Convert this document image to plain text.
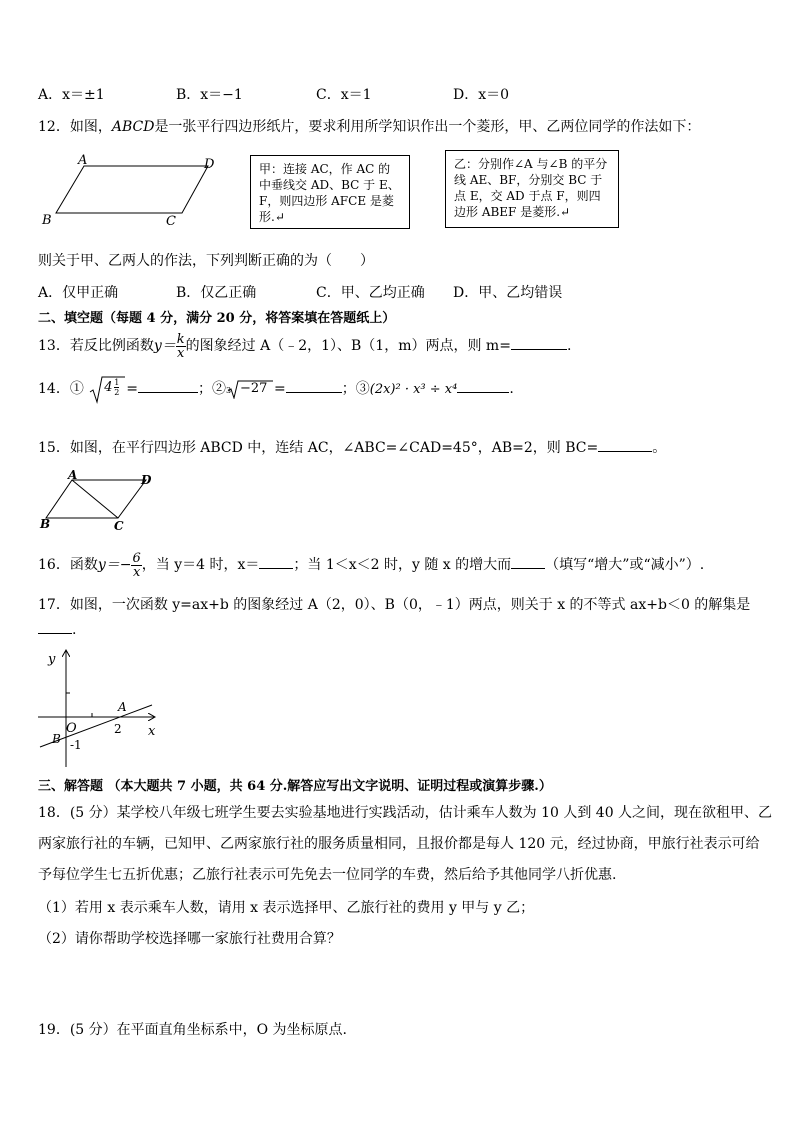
A．x＝±1	B．x＝−1	C．x＝1	D．x＝0
12．如图，ABCD是一张平行四边形纸片，要求利用所学知识作出一个菱形，甲、乙两位同学的作法如下：
A	D
B	C
甲：连接 AC，作 AC 的中垂线交 AD、BC 于 E、F，则四边形 AFCE 是菱形.↵
乙：分别作∠A 与∠B 的平分线 AE、BF，分别交 BC 于点 E，交 AD 于点 F，则四边形 ABEF 是菱形.↵
则关于甲、乙两人的作法，下列判断正确的为（　　）
A．仅甲正确	B．仅乙正确	C．甲、乙均正确 D．甲、乙均错误
二、填空题（每题 4 分，满分 20 分，将答案填在答题纸上）
13．若反比例函数$y= \frac{k}{x}$ 的图象经过 A（﹣2，1）、B（1，m）两点，则 m=	.
14．① 4 1
2 =	；② 3 −27 =	；③(2x)² · x³ ÷ x⁴	.
15．如图，在平行四边形 ABCD 中，连结 AC，∠ABC=∠CAD=45°，AB=2，则 BC=	。
A	D
B	C
16．函数$y=- \frac{6}{x}$ ，当 y＝4 时，x＝ ；当 1＜x＜2 时，y 随 x 的增大而 （填写“增大”或“减小”）.
17．如图，一次函数 y=ax+b 的图象经过 A（2，0）、B（0，﹣1）两点，则关于 x 的不等式 ax+b＜0 的解集是
.
y
x
O
A
2
B -1
三、解答题 （本大题共 7 小题，共 64 分.解答应写出文字说明、证明过程或演算步骤.）
18．(5 分）某学校八年级七班学生要去实验基地进行实践活动，估计乘车人数为 10 人到 40 人之间，现在欲租甲、乙
两家旅行社的车辆，已知甲、乙两家旅行社的服务质量相同，且报价都是每人 120 元，经过协商，甲旅行社表示可给
予每位学生七五折优惠；乙旅行社表示可先免去一位同学的车费，然后给予其他同学八折优惠.
（1）若用 x 表示乘车人数，请用 x 表示选择甲、乙旅行社的费用 y 甲与 y 乙；
（2）请你帮助学校选择哪一家旅行社费用合算？
19．(5 分）在平面直角坐标系中，O 为坐标原点.
